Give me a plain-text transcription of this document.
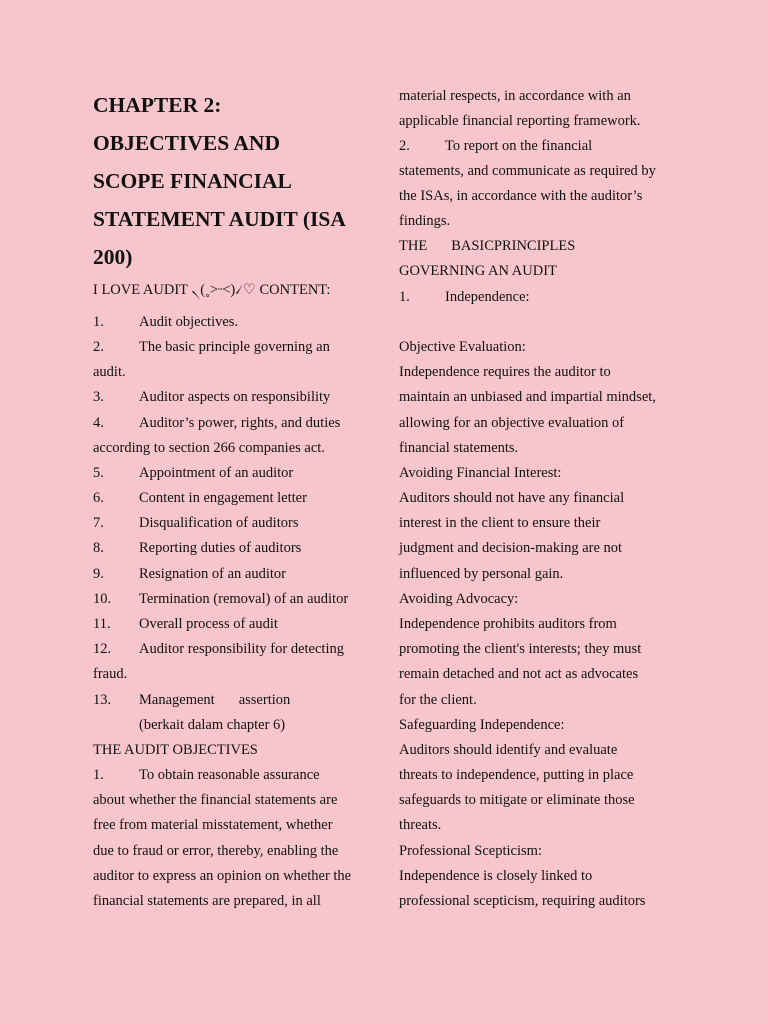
CHAPTER 2:
OBJECTIVES AND
SCOPE FINANCIAL
STATEMENT AUDIT (ISA
200)
I LOVE AUDIT ৲(˳>ᵕ<)৴♡ CONTENT:
1. Audit objectives.
2. The basic principle governing an
audit.
3. Auditor aspects on responsibility
4. Auditor’s power, rights, and duties
according to section 266 companies act.
5. Appointment of an auditor
6. Content in engagement letter
7. Disqualification of auditors
8. Reporting duties of auditors
9. Resignation of an auditor
10. Termination (removal) of an auditor
11. Overall process of audit
12. Auditor responsibility for detecting
fraud.
13. Management assertion
(berkait dalam chapter 6)
THE AUDIT OBJECTIVES
1. To obtain reasonable assurance
about whether the financial statements are
free from material misstatement, whether
due to fraud or error, thereby, enabling the
auditor to express an opinion on whether the
financial statements are prepared, in all
material respects, in accordance with an
applicable financial reporting framework.
2. To report on the financial
statements, and communicate as required by
the ISAs, in accordance with the auditor’s
findings.
THE BASICPRINCIPLES
GOVERNING AN AUDIT
1. Independence:
Objective Evaluation:
Independence requires the auditor to
maintain an unbiased and impartial mindset,
allowing for an objective evaluation of
financial statements.
Avoiding Financial Interest:
Auditors should not have any financial
interest in the client to ensure their
judgment and decision-making are not
influenced by personal gain.
Avoiding Advocacy:
Independence prohibits auditors from
promoting the client's interests; they must
remain detached and not act as advocates
for the client.
Safeguarding Independence:
Auditors should identify and evaluate
threats to independence, putting in place
safeguards to mitigate or eliminate those
threats.
Professional Scepticism:
Independence is closely linked to
professional scepticism, requiring auditors
